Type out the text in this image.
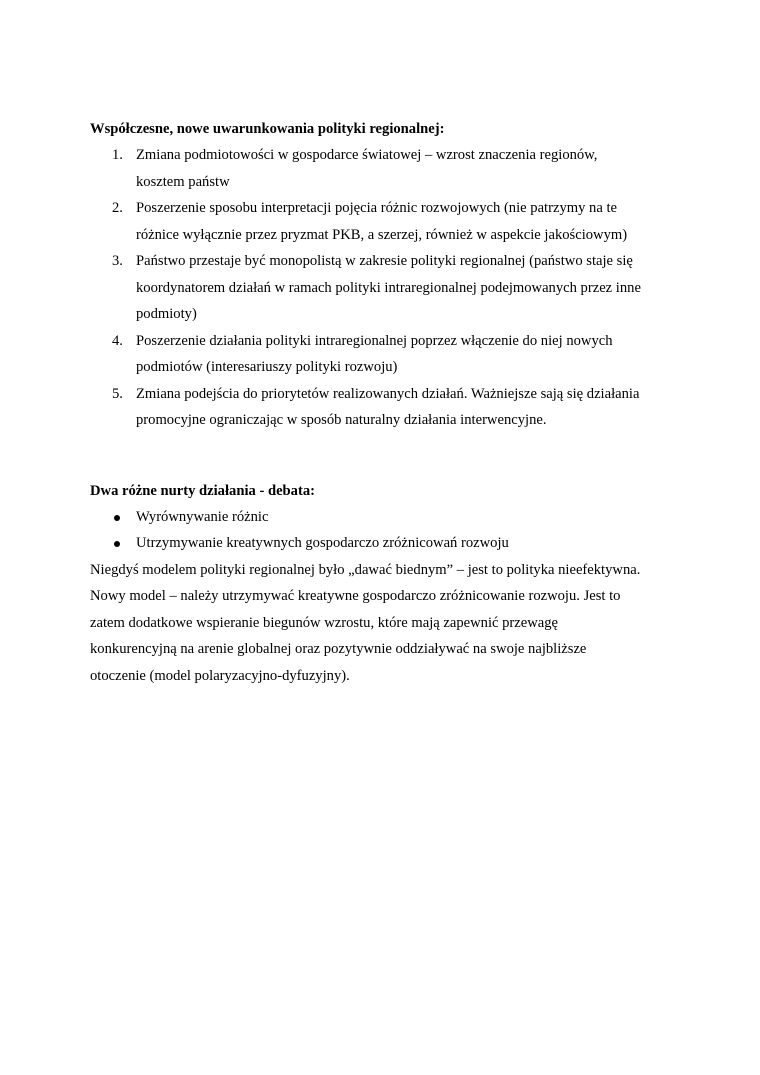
Współczesne, nowe uwarunkowania polityki regionalnej:

1. Zmiana podmiotowości w gospodarce światowej – wzrost znaczenia regionów,
kosztem państw
2. Poszerzenie sposobu interpretacji pojęcia różnic rozwojowych (nie patrzymy na te
różnice wyłącznie przez pryzmat PKB, a szerzej, również w aspekcie jakościowym)
3. Państwo przestaje być monopolistą w zakresie polityki regionalnej (państwo staje się
koordynatorem działań w ramach polityki intraregionalnej podejmowanych przez inne
podmioty)
4. Poszerzenie działania polityki intraregionalnej poprzez włączenie do niej nowych
podmiotów (interesariuszy polityki rozwoju)
5. Zmiana podejścia do priorytetów realizowanych działań. Ważniejsze sają się działania
promocyjne ograniczając w sposób naturalny działania interwencyjne.

Dwa różne nurty działania - debata:

Wyrównywanie różnic
Utrzymywanie kreatywnych gospodarczo zróżnicowań rozwoju

Niegdyś modelem polityki regionalnej było „dawać biednym” – jest to polityka nieefektywna.
Nowy model – należy utrzymywać kreatywne gospodarczo zróżnicowanie rozwoju. Jest to
zatem dodatkowe wspieranie biegunów wzrostu, które mają zapewnić przewagę
konkurencyjną na arenie globalnej oraz pozytywnie oddziaływać na swoje najbliższe
otoczenie (model polaryzacyjno-dyfuzyjny).
